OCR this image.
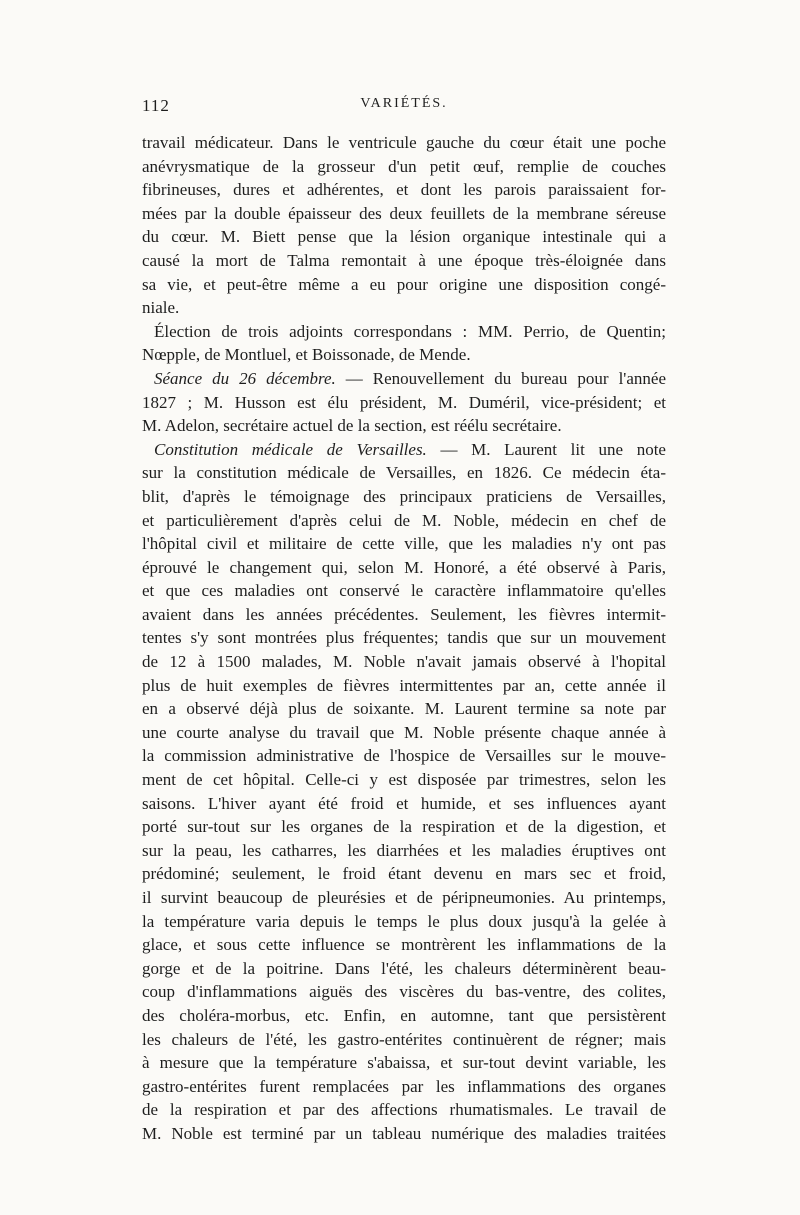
112	VARIÉTÉS.
travail médicateur. Dans le ventricule gauche du cœur était une poche
anévrysmatique de la grosseur d'un petit œuf, remplie de couches
fibrineuses, dures et adhérentes, et dont les parois paraissaient for-
mées par la double épaisseur des deux feuillets de la membrane séreuse
du cœur. M. Biett pense que la lésion organique intestinale qui a
causé la mort de Talma remontait à une époque très-éloignée dans
sa vie, et peut-être même a eu pour origine une disposition congé-
niale.
Élection de trois adjoints correspondans : MM. Perrio, de Quentin;
Nœpple, de Montluel, et Boissonade, de Mende.
Séance du 26 décembre. — Renouvellement du bureau pour l'année
1827 ; M. Husson est élu président, M. Duméril, vice-président; et
M. Adelon, secrétaire actuel de la section, est réélu secrétaire.
Constitution médicale de Versailles. — M. Laurent lit une note
sur la constitution médicale de Versailles, en 1826. Ce médecin éta-
blit, d'après le témoignage des principaux praticiens de Versailles,
et particulièrement d'après celui de M. Noble, médecin en chef de
l'hôpital civil et militaire de cette ville, que les maladies n'y ont pas
éprouvé le changement qui, selon M. Honoré, a été observé à Paris,
et que ces maladies ont conservé le caractère inflammatoire qu'elles
avaient dans les années précédentes. Seulement, les fièvres intermit-
tentes s'y sont montrées plus fréquentes; tandis que sur un mouvement
de 12 à 1500 malades, M. Noble n'avait jamais observé à l'hopital
plus de huit exemples de fièvres intermittentes par an, cette année il
en a observé déjà plus de soixante. M. Laurent termine sa note par
une courte analyse du travail que M. Noble présente chaque année à
la commission administrative de l'hospice de Versailles sur le mouve-
ment de cet hôpital. Celle-ci y est disposée par trimestres, selon les
saisons. L'hiver ayant été froid et humide, et ses influences ayant
porté sur-tout sur les organes de la respiration et de la digestion, et
sur la peau, les catharres, les diarrhées et les maladies éruptives ont
prédominé; seulement, le froid étant devenu en mars sec et froid,
il survint beaucoup de pleurésies et de péripneumonies. Au printemps,
la température varia depuis le temps le plus doux jusqu'à la gelée à
glace, et sous cette influence se montrèrent les inflammations de la
gorge et de la poitrine. Dans l'été, les chaleurs déterminèrent beau-
coup d'inflammations aiguës des viscères du bas-ventre, des colites,
des choléra-morbus, etc. Enfin, en automne, tant que persistèrent
les chaleurs de l'été, les gastro-entérites continuèrent de régner; mais
à mesure que la température s'abaissa, et sur-tout devint variable, les
gastro-entérites furent remplacées par les inflammations des organes
de la respiration et par des affections rhumatismales. Le travail de
M. Noble est terminé par un tableau numérique des maladies traitées
